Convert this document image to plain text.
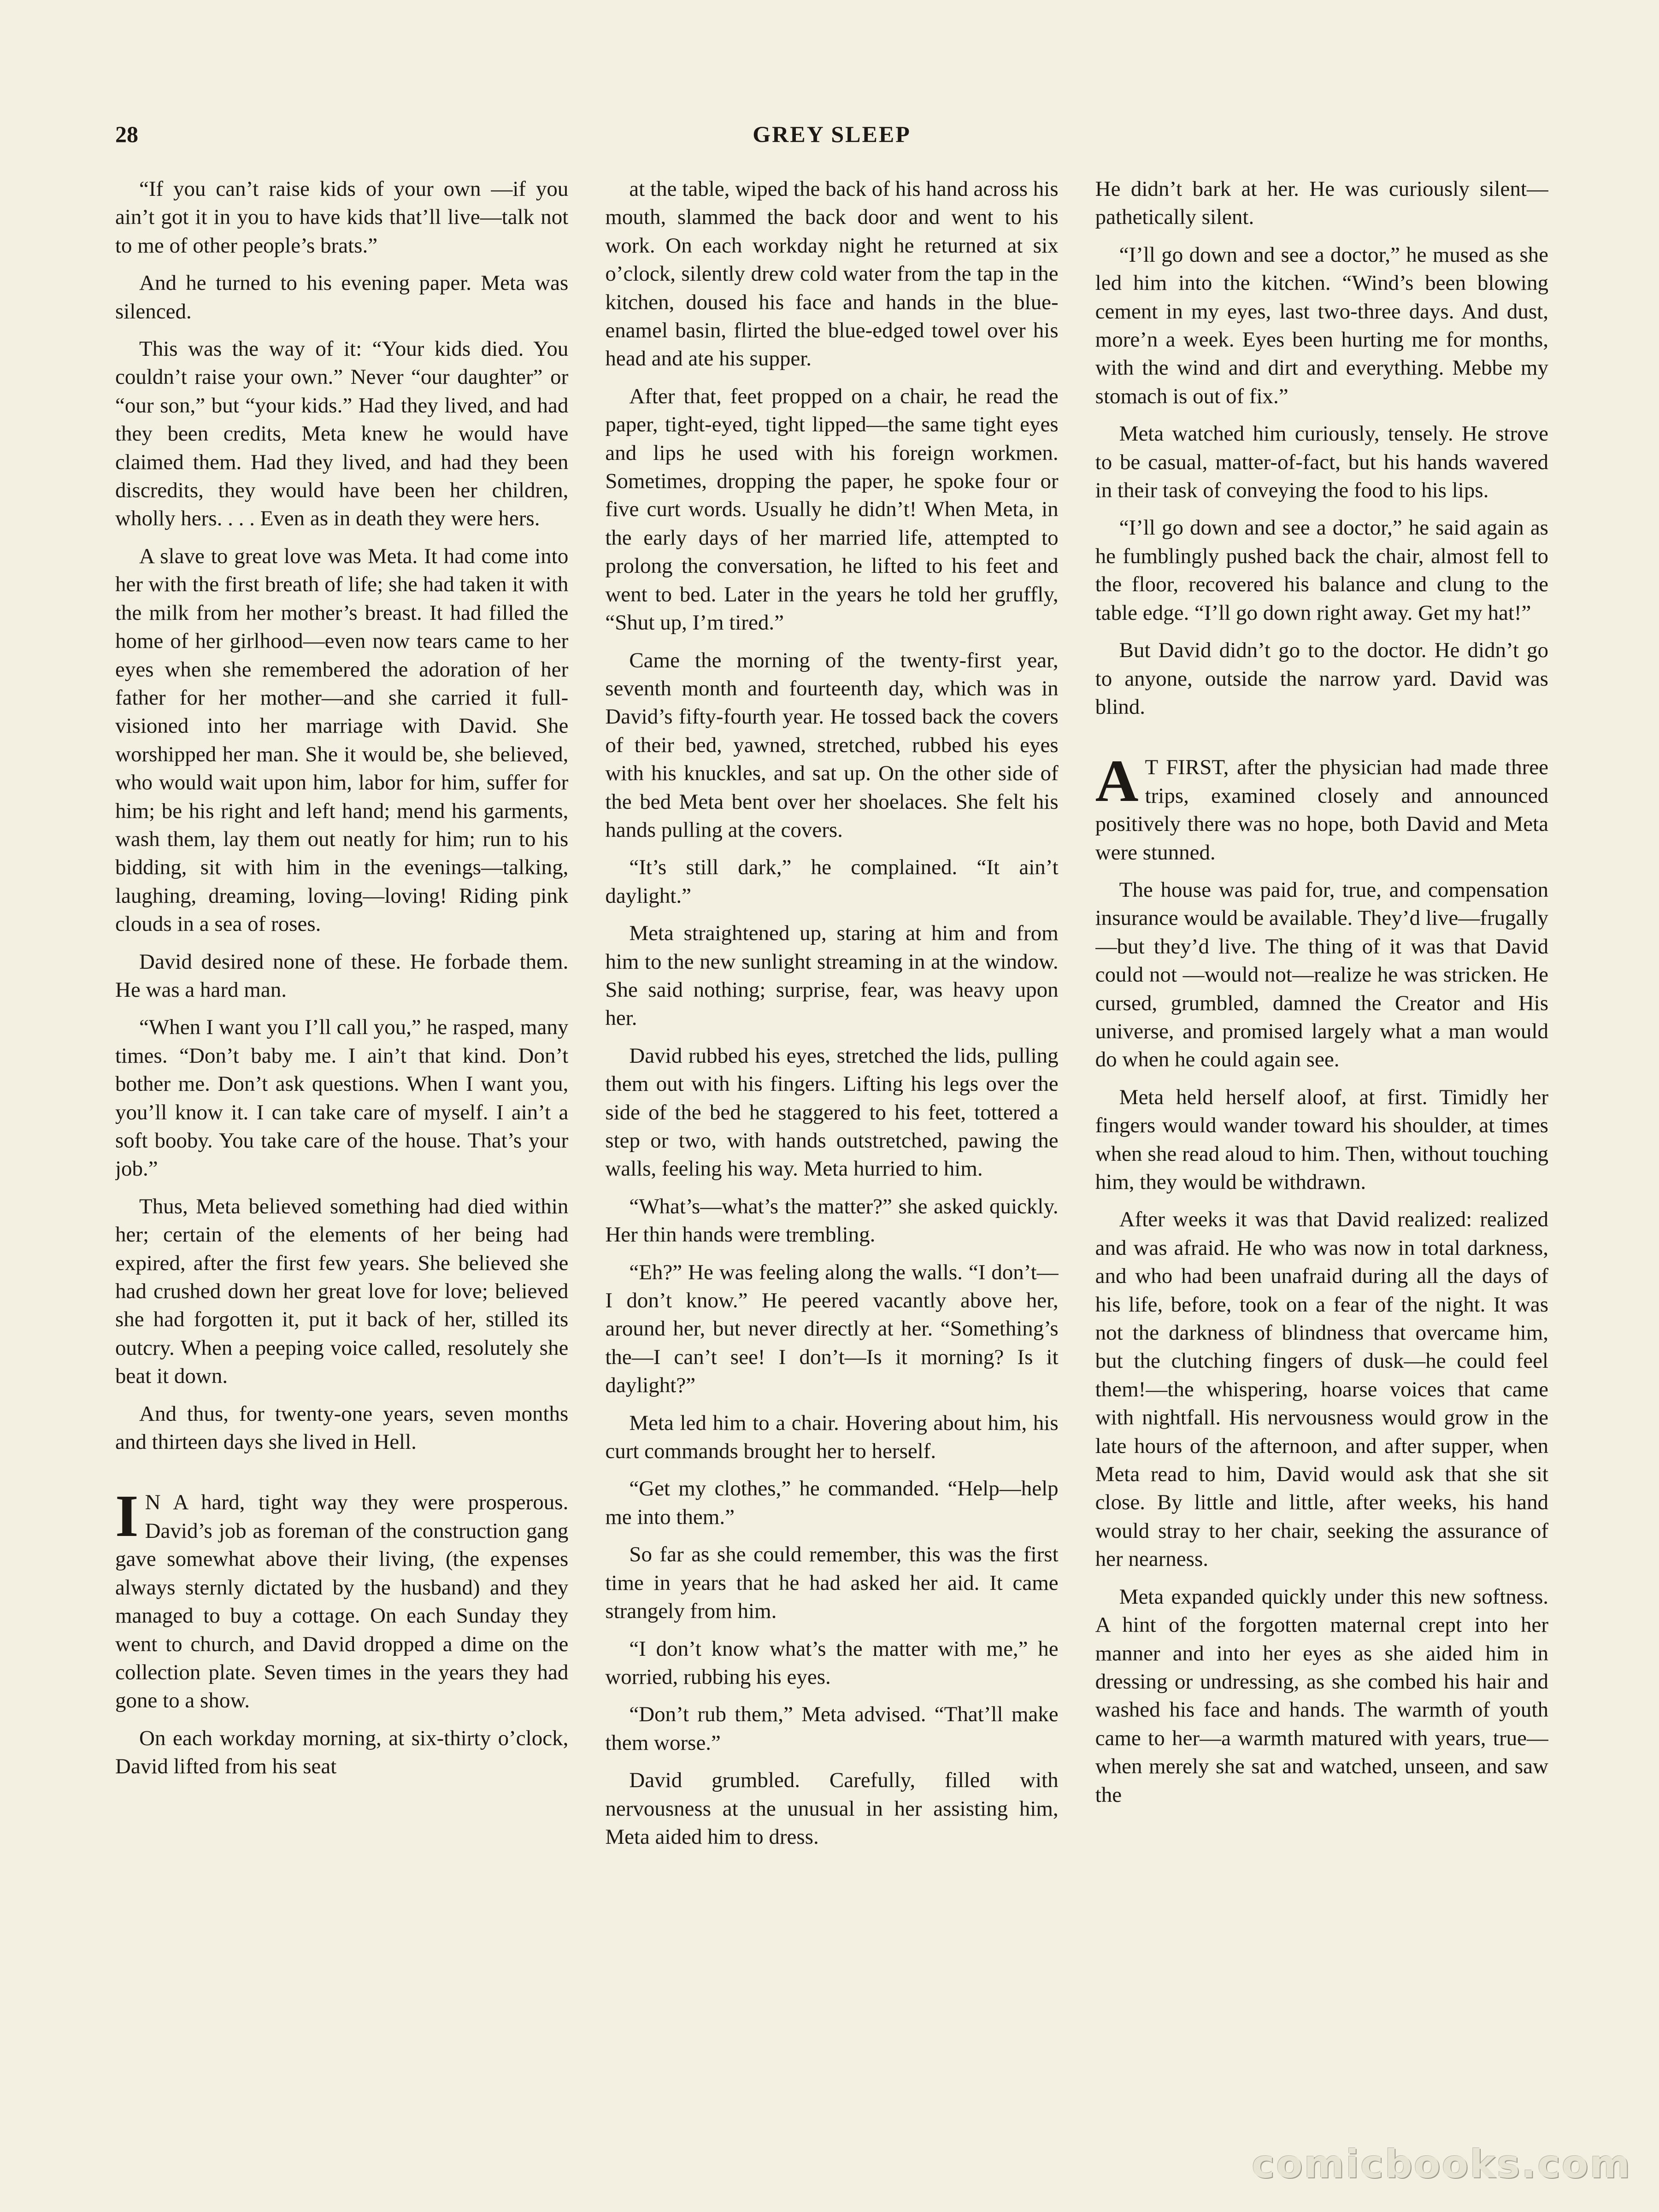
28	GREY SLEEP

“If you can’t raise kids of your own —if you ain’t got it in you to have kids that’ll live—talk not to me of other people’s brats.”

And he turned to his evening paper. Meta was silenced.

This was the way of it: “Your kids died. You couldn’t raise your own.” Never “our daughter” or “our son,” but “your kids.” Had they lived, and had they been credits, Meta knew he would have claimed them. Had they lived, and had they been discredits, they would have been her children, wholly hers. . . . Even as in death they were hers.

A slave to great love was Meta. It had come into her with the first breath of life; she had taken it with the milk from her mother’s breast. It had filled the home of her girlhood—even now tears came to her eyes when she remembered the adoration of her father for her mother—and she carried it full-visioned into her marriage with David. She worshipped her man. She it would be, she believed, who would wait upon him, labor for him, suffer for him; be his right and left hand; mend his garments, wash them, lay them out neatly for him; run to his bidding, sit with him in the evenings—talking, laughing, dreaming, loving—loving! Riding pink clouds in a sea of roses.

David desired none of these. He forbade them. He was a hard man.

“When I want you I’ll call you,” he rasped, many times. “Don’t baby me. I ain’t that kind. Don’t bother me. Don’t ask questions. When I want you, you’ll know it. I can take care of myself. I ain’t a soft booby. You take care of the house. That’s your job.”

Thus, Meta believed something had died within her; certain of the elements of her being had expired, after the first few years. She believed she had crushed down her great love for love; believed she had forgotten it, put it back of her, stilled its outcry. When a peeping voice called, resolutely she beat it down.

And thus, for twenty-one years, seven months and thirteen days she lived in Hell.

I N A hard, tight way they were prosperous. David’s job as foreman of the construction gang gave somewhat above their living, (the expenses always sternly dictated by the husband) and they managed to buy a cottage. On each Sunday they went to church, and David dropped a dime on the collection plate. Seven times in the years they had gone to a show.

On each workday morning, at six-thirty o’clock, David lifted from his seat

at the table, wiped the back of his hand across his mouth, slammed the back door and went to his work. On each workday night he returned at six o’clock, silently drew cold water from the tap in the kitchen, doused his face and hands in the blue-enamel basin, flirted the blue-edged towel over his head and ate his supper.

After that, feet propped on a chair, he read the paper, tight-eyed, tight lipped—the same tight eyes and lips he used with his foreign workmen. Sometimes, dropping the paper, he spoke four or five curt words. Usually he didn’t! When Meta, in the early days of her married life, attempted to prolong the conversation, he lifted to his feet and went to bed. Later in the years he told her gruffly, “Shut up, I’m tired.”

Came the morning of the twenty-first year, seventh month and fourteenth day, which was in David’s fifty-fourth year. He tossed back the covers of their bed, yawned, stretched, rubbed his eyes with his knuckles, and sat up. On the other side of the bed Meta bent over her shoelaces. She felt his hands pulling at the covers.

“It’s still dark,” he complained. “It ain’t daylight.”

Meta straightened up, staring at him and from him to the new sunlight streaming in at the window. She said nothing; surprise, fear, was heavy upon her.

David rubbed his eyes, stretched the lids, pulling them out with his fingers. Lifting his legs over the side of the bed he staggered to his feet, tottered a step or two, with hands outstretched, pawing the walls, feeling his way. Meta hurried to him.

“What’s—what’s the matter?” she asked quickly. Her thin hands were trembling.

“Eh?” He was feeling along the walls. “I don’t—I don’t know.” He peered vacantly above her, around her, but never directly at her. “Something’s the—I can’t see! I don’t—Is it morning? Is it daylight?”

Meta led him to a chair. Hovering about him, his curt commands brought her to herself.

“Get my clothes,” he commanded. “Help—help me into them.”

So far as she could remember, this was the first time in years that he had asked her aid. It came strangely from him.

“I don’t know what’s the matter with me,” he worried, rubbing his eyes.

“Don’t rub them,” Meta advised. “That’ll make them worse.”

David grumbled. Carefully, filled with nervousness at the unusual in her assisting him, Meta aided him to dress.

He didn’t bark at her. He was curiously silent—pathetically silent.

“I’ll go down and see a doctor,” he mused as she led him into the kitchen. “Wind’s been blowing cement in my eyes, last two-three days. And dust, more’n a week. Eyes been hurting me for months, with the wind and dirt and everything. Mebbe my stomach is out of fix.”

Meta watched him curiously, tensely. He strove to be casual, matter-of-fact, but his hands wavered in their task of conveying the food to his lips.

“I’ll go down and see a doctor,” he said again as he fumblingly pushed back the chair, almost fell to the floor, recovered his balance and clung to the table edge. “I’ll go down right away. Get my hat!”

But David didn’t go to the doctor. He didn’t go to anyone, outside the narrow yard. David was blind.

A T FIRST, after the physician had made three trips, examined closely and announced positively there was no hope, both David and Meta were stunned.

The house was paid for, true, and compensation insurance would be available. They’d live—frugally—but they’d live. The thing of it was that David could not —would not—realize he was stricken. He cursed, grumbled, damned the Creator and His universe, and promised largely what a man would do when he could again see.

Meta held herself aloof, at first. Timidly her fingers would wander toward his shoulder, at times when she read aloud to him. Then, without touching him, they would be withdrawn.

After weeks it was that David realized: realized and was afraid. He who was now in total darkness, and who had been unafraid during all the days of his life, before, took on a fear of the night. It was not the darkness of blindness that overcame him, but the clutching fingers of dusk—he could feel them!—the whispering, hoarse voices that came with nightfall. His nervousness would grow in the late hours of the afternoon, and after supper, when Meta read to him, David would ask that she sit close. By little and little, after weeks, his hand would stray to her chair, seeking the assurance of her nearness.

Meta expanded quickly under this new softness. A hint of the forgotten maternal crept into her manner and into her eyes as she aided him in dressing or undressing, as she combed his hair and washed his face and hands. The warmth of youth came to her—a warmth matured with years, true—when merely she sat and watched, unseen, and saw the

comicbooks.com
